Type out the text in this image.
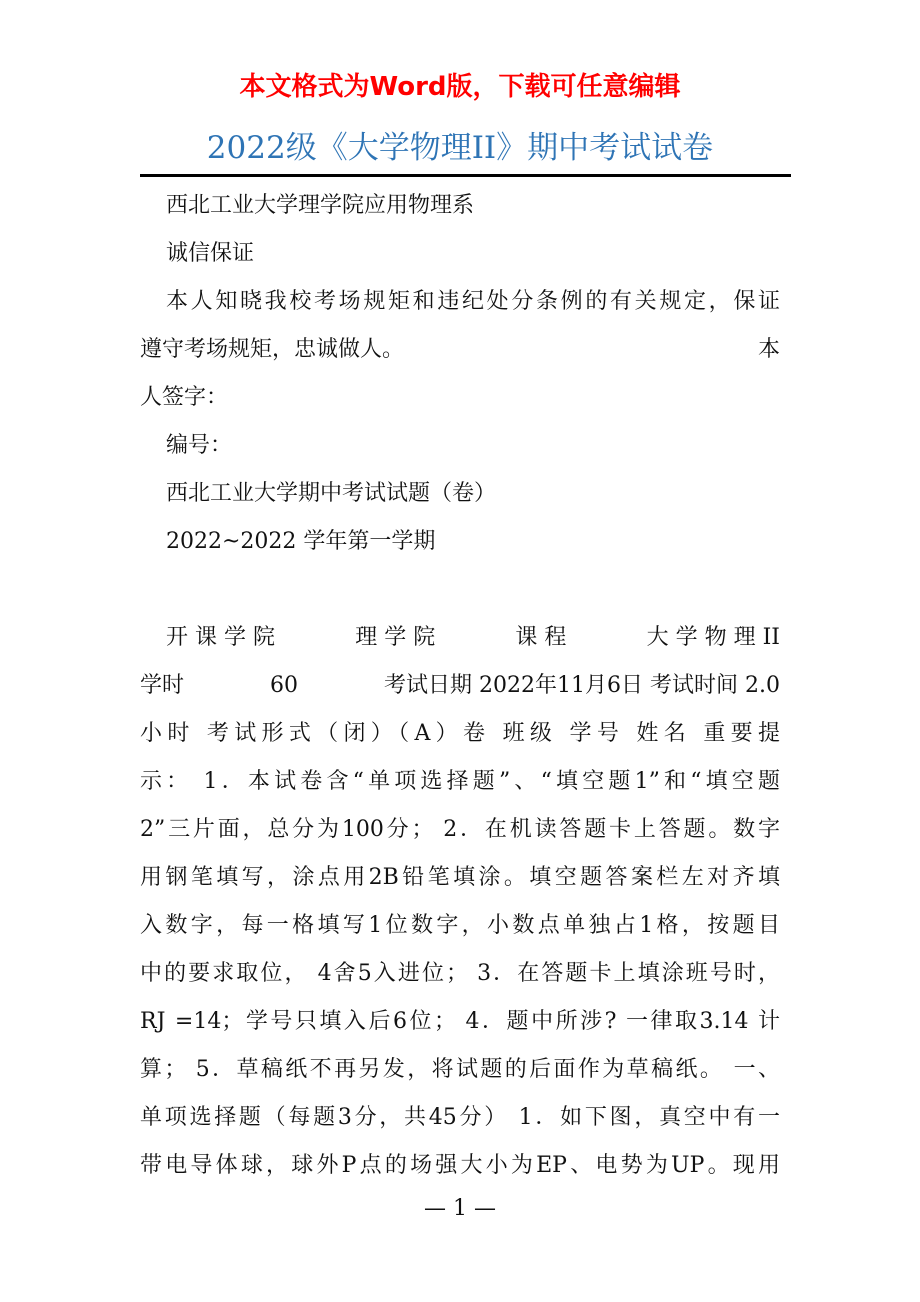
本文格式为Word版，下载可任意编辑
2022级《大学物理II》期中考试试卷
西北工业大学理学院应用物理系
诚信保证
本人知晓我校考场规矩和违纪处分条例的有关规定，保证
遵守考场规矩，忠诚做人。	本
人签字：
编号：
西北工业大学期中考试试题（卷）
2022~2022 学年第一学期
开 课 学 院	理 学 院	课 程	大 学 物 理 II
学时	60	考试日期 2022年11月6日 考试时间 2.0
小时 考试形式（闭）（A）卷 班级 学号 姓名 重要提
示： 1．本试卷含“单项选择题”、“填空题1”和“填空题
2”三片面，总分为100分； 2．在机读答题卡上答题。数字
用钢笔填写，涂点用2B铅笔填涂。填空题答案栏左对齐填
入数字，每一格填写1位数字，小数点单独占1格，按题目
中的要求取位， 4舍5入进位； 3．在答题卡上填涂班号时，
RJ =14；学号只填入后6位； 4．题中所涉? 一律取3.14 计
算； 5．草稿纸不再另发，将试题的后面作为草稿纸。 一、
单项选择题（每题3分，共45分） 1．如下图，真空中有一
带电导体球，球外P点的场强大小为EP、电势为UP。现用
— 1 —
